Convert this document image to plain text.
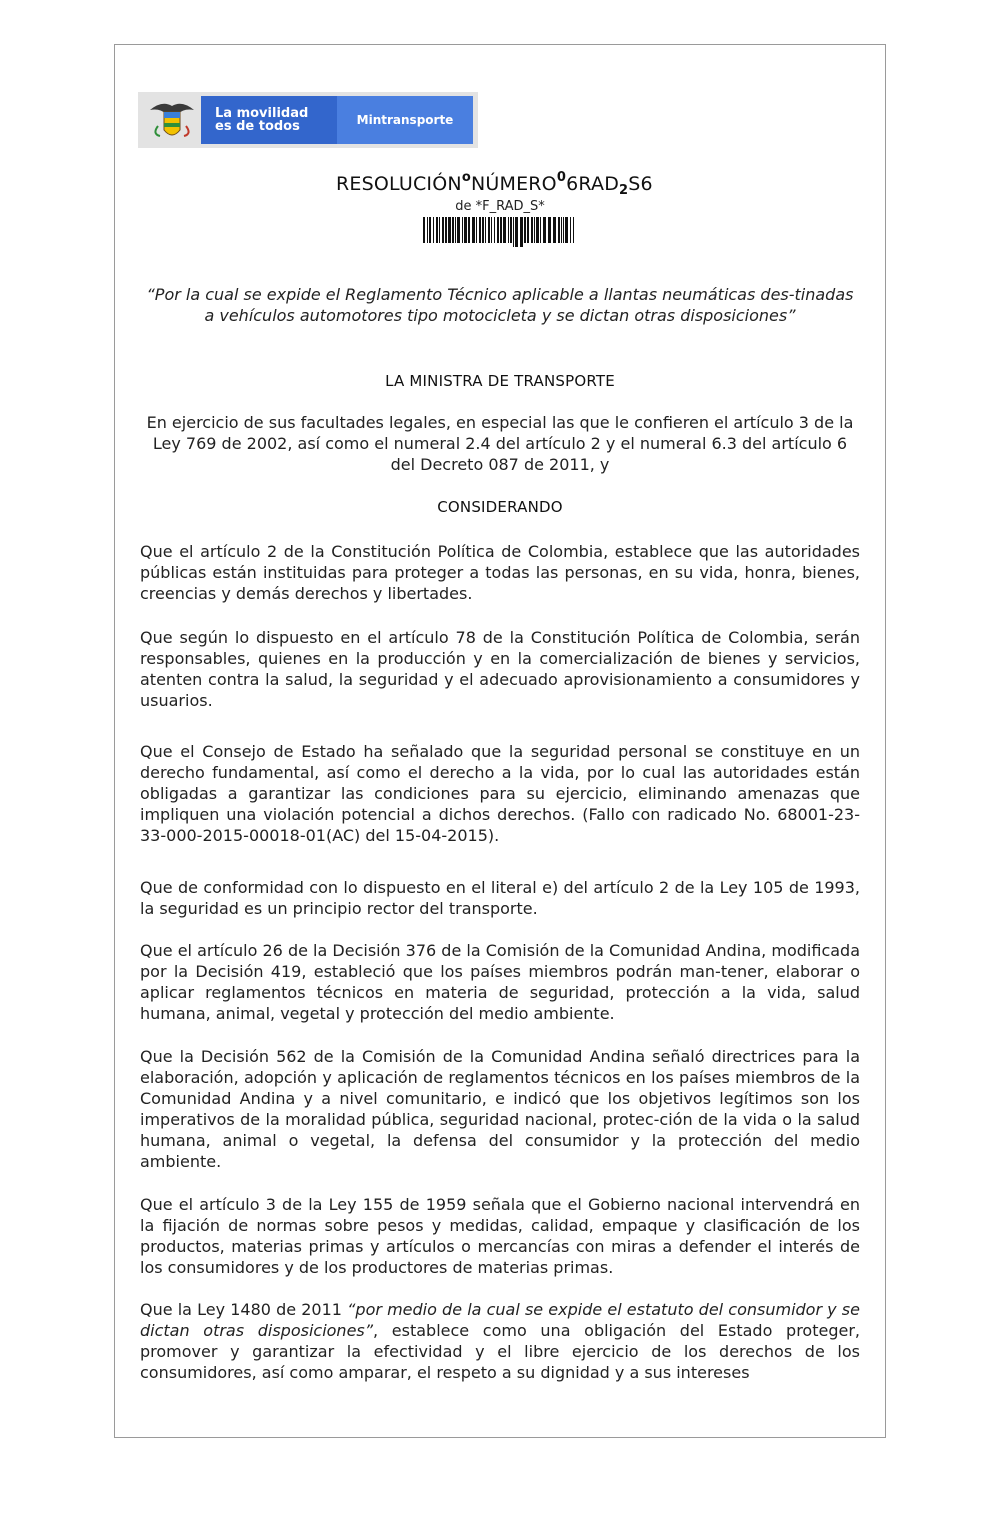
La movilidad
es de todos	Mintransporte
$RESOLUCIÓN^oNÚMERO^06RAD_2S6$
de *F_RAD_S*
“Por la cual se expide el Reglamento Técnico aplicable a llantas neumáticas des-tinadas a vehículos automotores tipo motocicleta y se dictan otras disposiciones”
LA MINISTRA DE TRANSPORTE
En ejercicio de sus facultades legales, en especial las que le confieren el artículo 3 de la Ley 769 de 2002, así como el numeral 2.4 del artículo 2 y el numeral 6.3 del artículo 6 del Decreto 087 de 2011, y
CONSIDERANDO
Que el artículo 2 de la Constitución Política de Colombia, establece que las autoridades públicas están instituidas para proteger a todas las personas, en su vida, honra, bienes, creencias y demás derechos y libertades.
Que según lo dispuesto en el artículo 78 de la Constitución Política de Colombia, serán responsables, quienes en la producción y en la comercialización de bienes y servicios, atenten contra la salud, la seguridad y el adecuado aprovisionamiento a consumidores y usuarios.
Que el Consejo de Estado ha señalado que la seguridad personal se constituye en un derecho fundamental, así como el derecho a la vida, por lo cual las autoridades están obligadas a garantizar las condiciones para su ejercicio, eliminando amenazas que impliquen una violación potencial a dichos derechos. (Fallo con radicado No. 68001-23-33-000-2015-00018-01(AC) del 15-04-2015).
Que de conformidad con lo dispuesto en el literal e) del artículo 2 de la Ley 105 de 1993, la seguridad es un principio rector del transporte.
Que el artículo 26 de la Decisión 376 de la Comisión de la Comunidad Andina, modificada por la Decisión 419, estableció que los países miembros podrán man-tener, elaborar o aplicar reglamentos técnicos en materia de seguridad, protección a la vida, salud humana, animal, vegetal y protección del medio ambiente.
Que la Decisión 562 de la Comisión de la Comunidad Andina señaló directrices para la elaboración, adopción y aplicación de reglamentos técnicos en los países miembros de la Comunidad Andina y a nivel comunitario, e indicó que los objetivos legítimos son los imperativos de la moralidad pública, seguridad nacional, protec-ción de la vida o la salud humana, animal o vegetal, la defensa del consumidor y la protección del medio ambiente.
Que el artículo 3 de la Ley 155 de 1959 señala que el Gobierno nacional intervendrá en la fijación de normas sobre pesos y medidas, calidad, empaque y clasificación de los productos, materias primas y artículos o mercancías con miras a defender el interés de los consumidores y de los productores de materias primas.
Que la Ley 1480 de 2011 “por medio de la cual se expide el estatuto del consumidor y se dictan otras disposiciones”, establece como una obligación del Estado proteger, promover y garantizar la efectividad y el libre ejercicio de los derechos de los consumidores, así como amparar, el respeto a su dignidad y a sus intereses
